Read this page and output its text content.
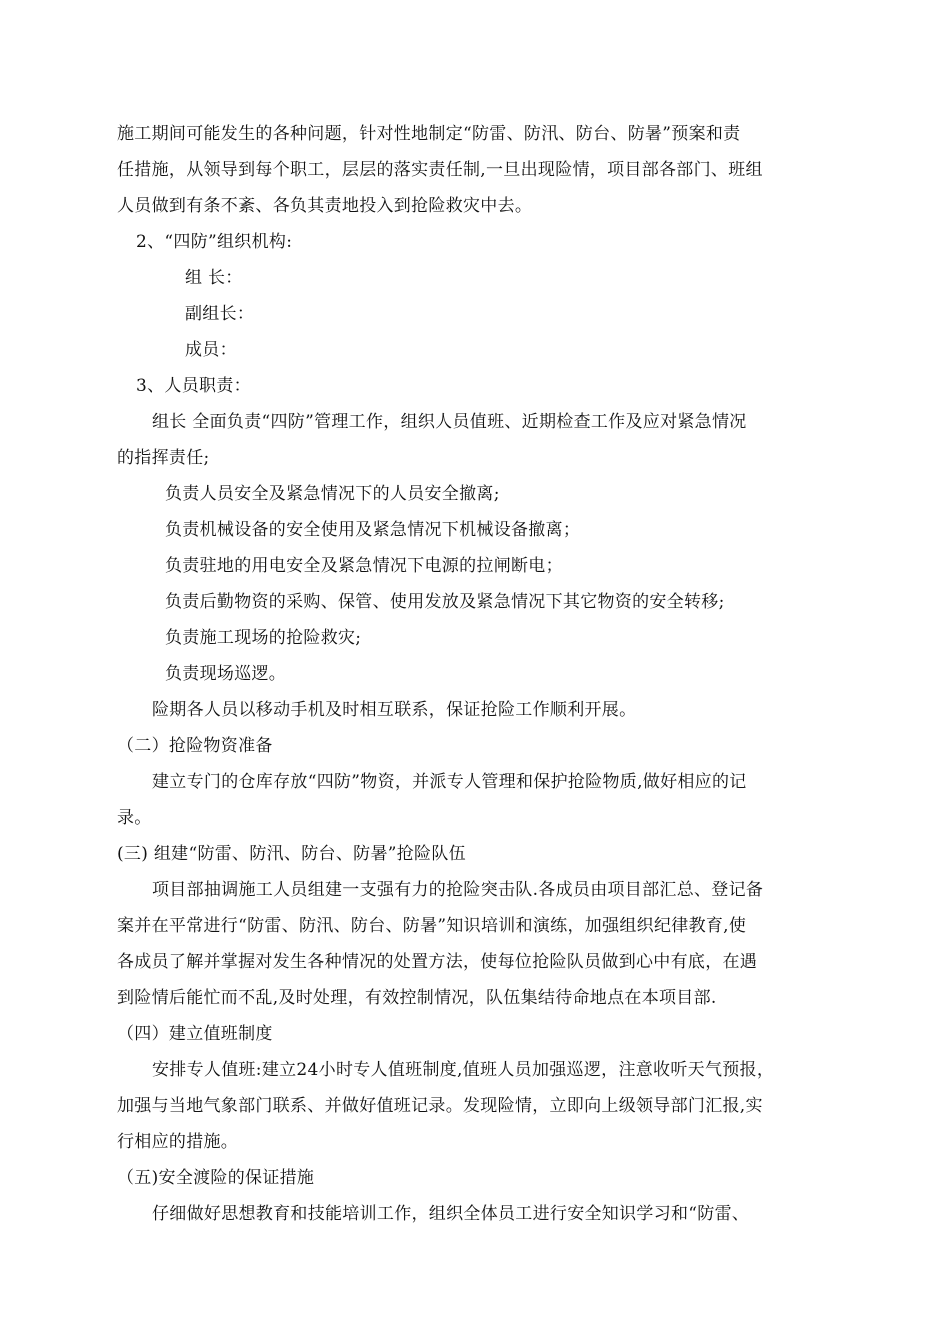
施工期间可能发生的各种问题，针对性地制定“防雷、防汛、防台、防暑”预案和责
任措施，从领导到每个职工，层层的落实责任制,一旦出现险情，项目部各部门、班组
人员做到有条不紊、各负其责地投入到抢险救灾中去。
2、“四防”组织机构:
组 长：
副组长：
成员：
3、人员职责：
组长 全面负责“四防”管理工作，组织人员值班、近期检查工作及应对紧急情况
的指挥责任;
负责人员安全及紧急情况下的人员安全撤离;
负责机械设备的安全使用及紧急情况下机械设备撤离；
负责驻地的用电安全及紧急情况下电源的拉闸断电；
负责后勤物资的采购、保管、使用发放及紧急情况下其它物资的安全转移;
负责施工现场的抢险救灾;
负责现场巡逻。
险期各人员以移动手机及时相互联系，保证抢险工作顺利开展。
（二）抢险物资准备
建立专门的仓库存放“四防”物资，并派专人管理和保护抢险物质,做好相应的记
录。
(三) 组建“防雷、防汛、防台、防暑”抢险队伍
项目部抽调施工人员组建一支强有力的抢险突击队.各成员由项目部汇总、登记备
案并在平常进行“防雷、防汛、防台、防暑”知识培训和演练，加强组织纪律教育,使
各成员了解并掌握对发生各种情况的处置方法，使每位抢险队员做到心中有底，在遇
到险情后能忙而不乱,及时处理，有效控制情况，队伍集结待命地点在本项目部.
（四）建立值班制度
安排专人值班:建立24小时专人值班制度,值班人员加强巡逻，注意收听天气预报，
加强与当地气象部门联系、并做好值班记录。发现险情，立即向上级领导部门汇报,实
行相应的措施。
（五)安全渡险的保证措施
仔细做好思想教育和技能培训工作，组织全体员工进行安全知识学习和“防雷、
